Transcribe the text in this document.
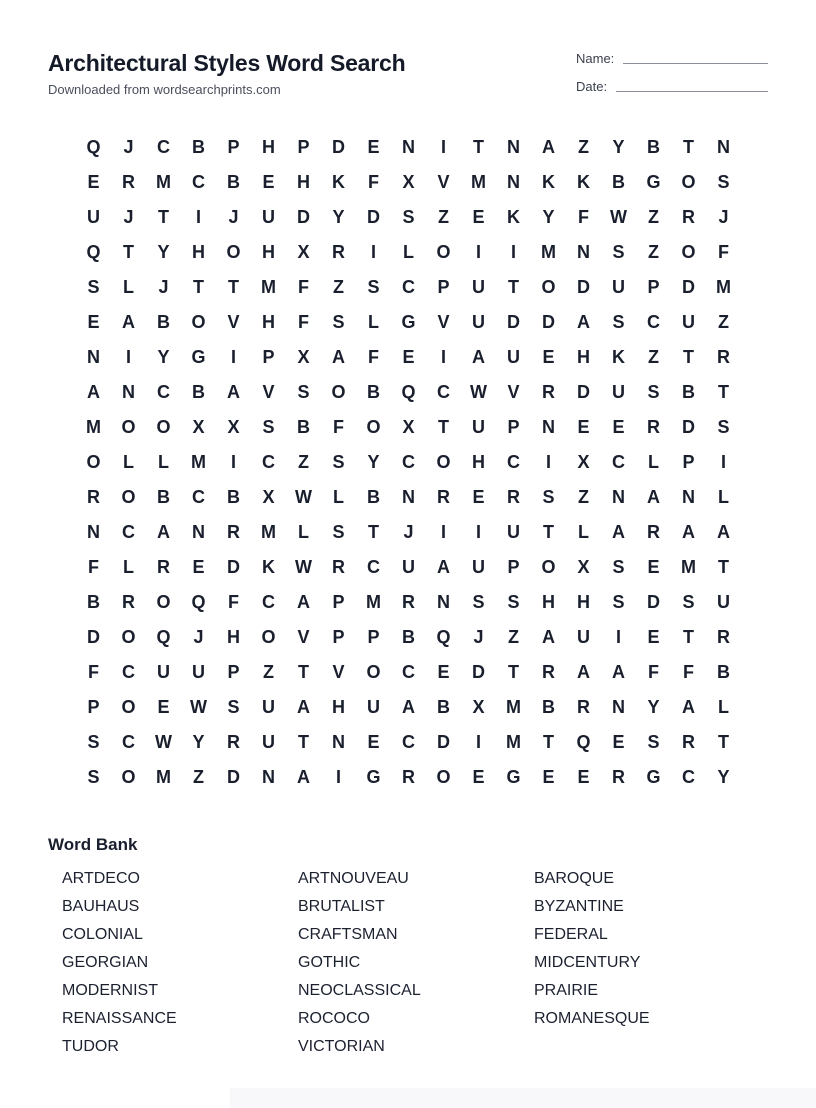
Architectural Styles Word Search
Downloaded from wordsearchprints.com
Name:
Date:
Q	J	C	B	P	H	P	D	E	N	I	T	N	A	Z	Y	B	T	N
E	R	M	C	B	E	H	K	F	X	V	M	N	K	K	B	G	O	S
U	J	T	I	J	U	D	Y	D	S	Z	E	K	Y	F	W	Z	R	J
Q	T	Y	H	O	H	X	R	I	L	O	I	I	M	N	S	Z	O	F
S	L	J	T	T	M	F	Z	S	C	P	U	T	O	D	U	P	D	M
E	A	B	O	V	H	F	S	L	G	V	U	D	D	A	S	C	U	Z
N	I	Y	G	I	P	X	A	F	E	I	A	U	E	H	K	Z	T	R
A	N	C	B	A	V	S	O	B	Q	C	W	V	R	D	U	S	B	T
M	O	O	X	X	S	B	F	O	X	T	U	P	N	E	E	R	D	S
O	L	L	M	I	C	Z	S	Y	C	O	H	C	I	X	C	L	P	I
R	O	B	C	B	X	W	L	B	N	R	E	R	S	Z	N	A	N	L
N	C	A	N	R	M	L	S	T	J	I	I	U	T	L	A	R	A	A
F	L	R	E	D	K	W	R	C	U	A	U	P	O	X	S	E	M	T
B	R	O	Q	F	C	A	P	M	R	N	S	S	H	H	S	D	S	U
D	O	Q	J	H	O	V	P	P	B	Q	J	Z	A	U	I	E	T	R
F	C	U	U	P	Z	T	V	O	C	E	D	T	R	A	A	F	F	B
P	O	E	W	S	U	A	H	U	A	B	X	M	B	R	N	Y	A	L
S	C	W	Y	R	U	T	N	E	C	D	I	M	T	Q	E	S	R	T
S	O	M	Z	D	N	A	I	G	R	O	E	G	E	E	R	G	C	Y
Word Bank
ARTDECO	ARTNOUVEAU	BAROQUE
BAUHAUS	BRUTALIST	BYZANTINE
COLONIAL	CRAFTSMAN	FEDERAL
GEORGIAN	GOTHIC	MIDCENTURY
MODERNIST	NEOCLASSICAL	PRAIRIE
RENAISSANCE	ROCOCO	ROMANESQUE
TUDOR	VICTORIAN
